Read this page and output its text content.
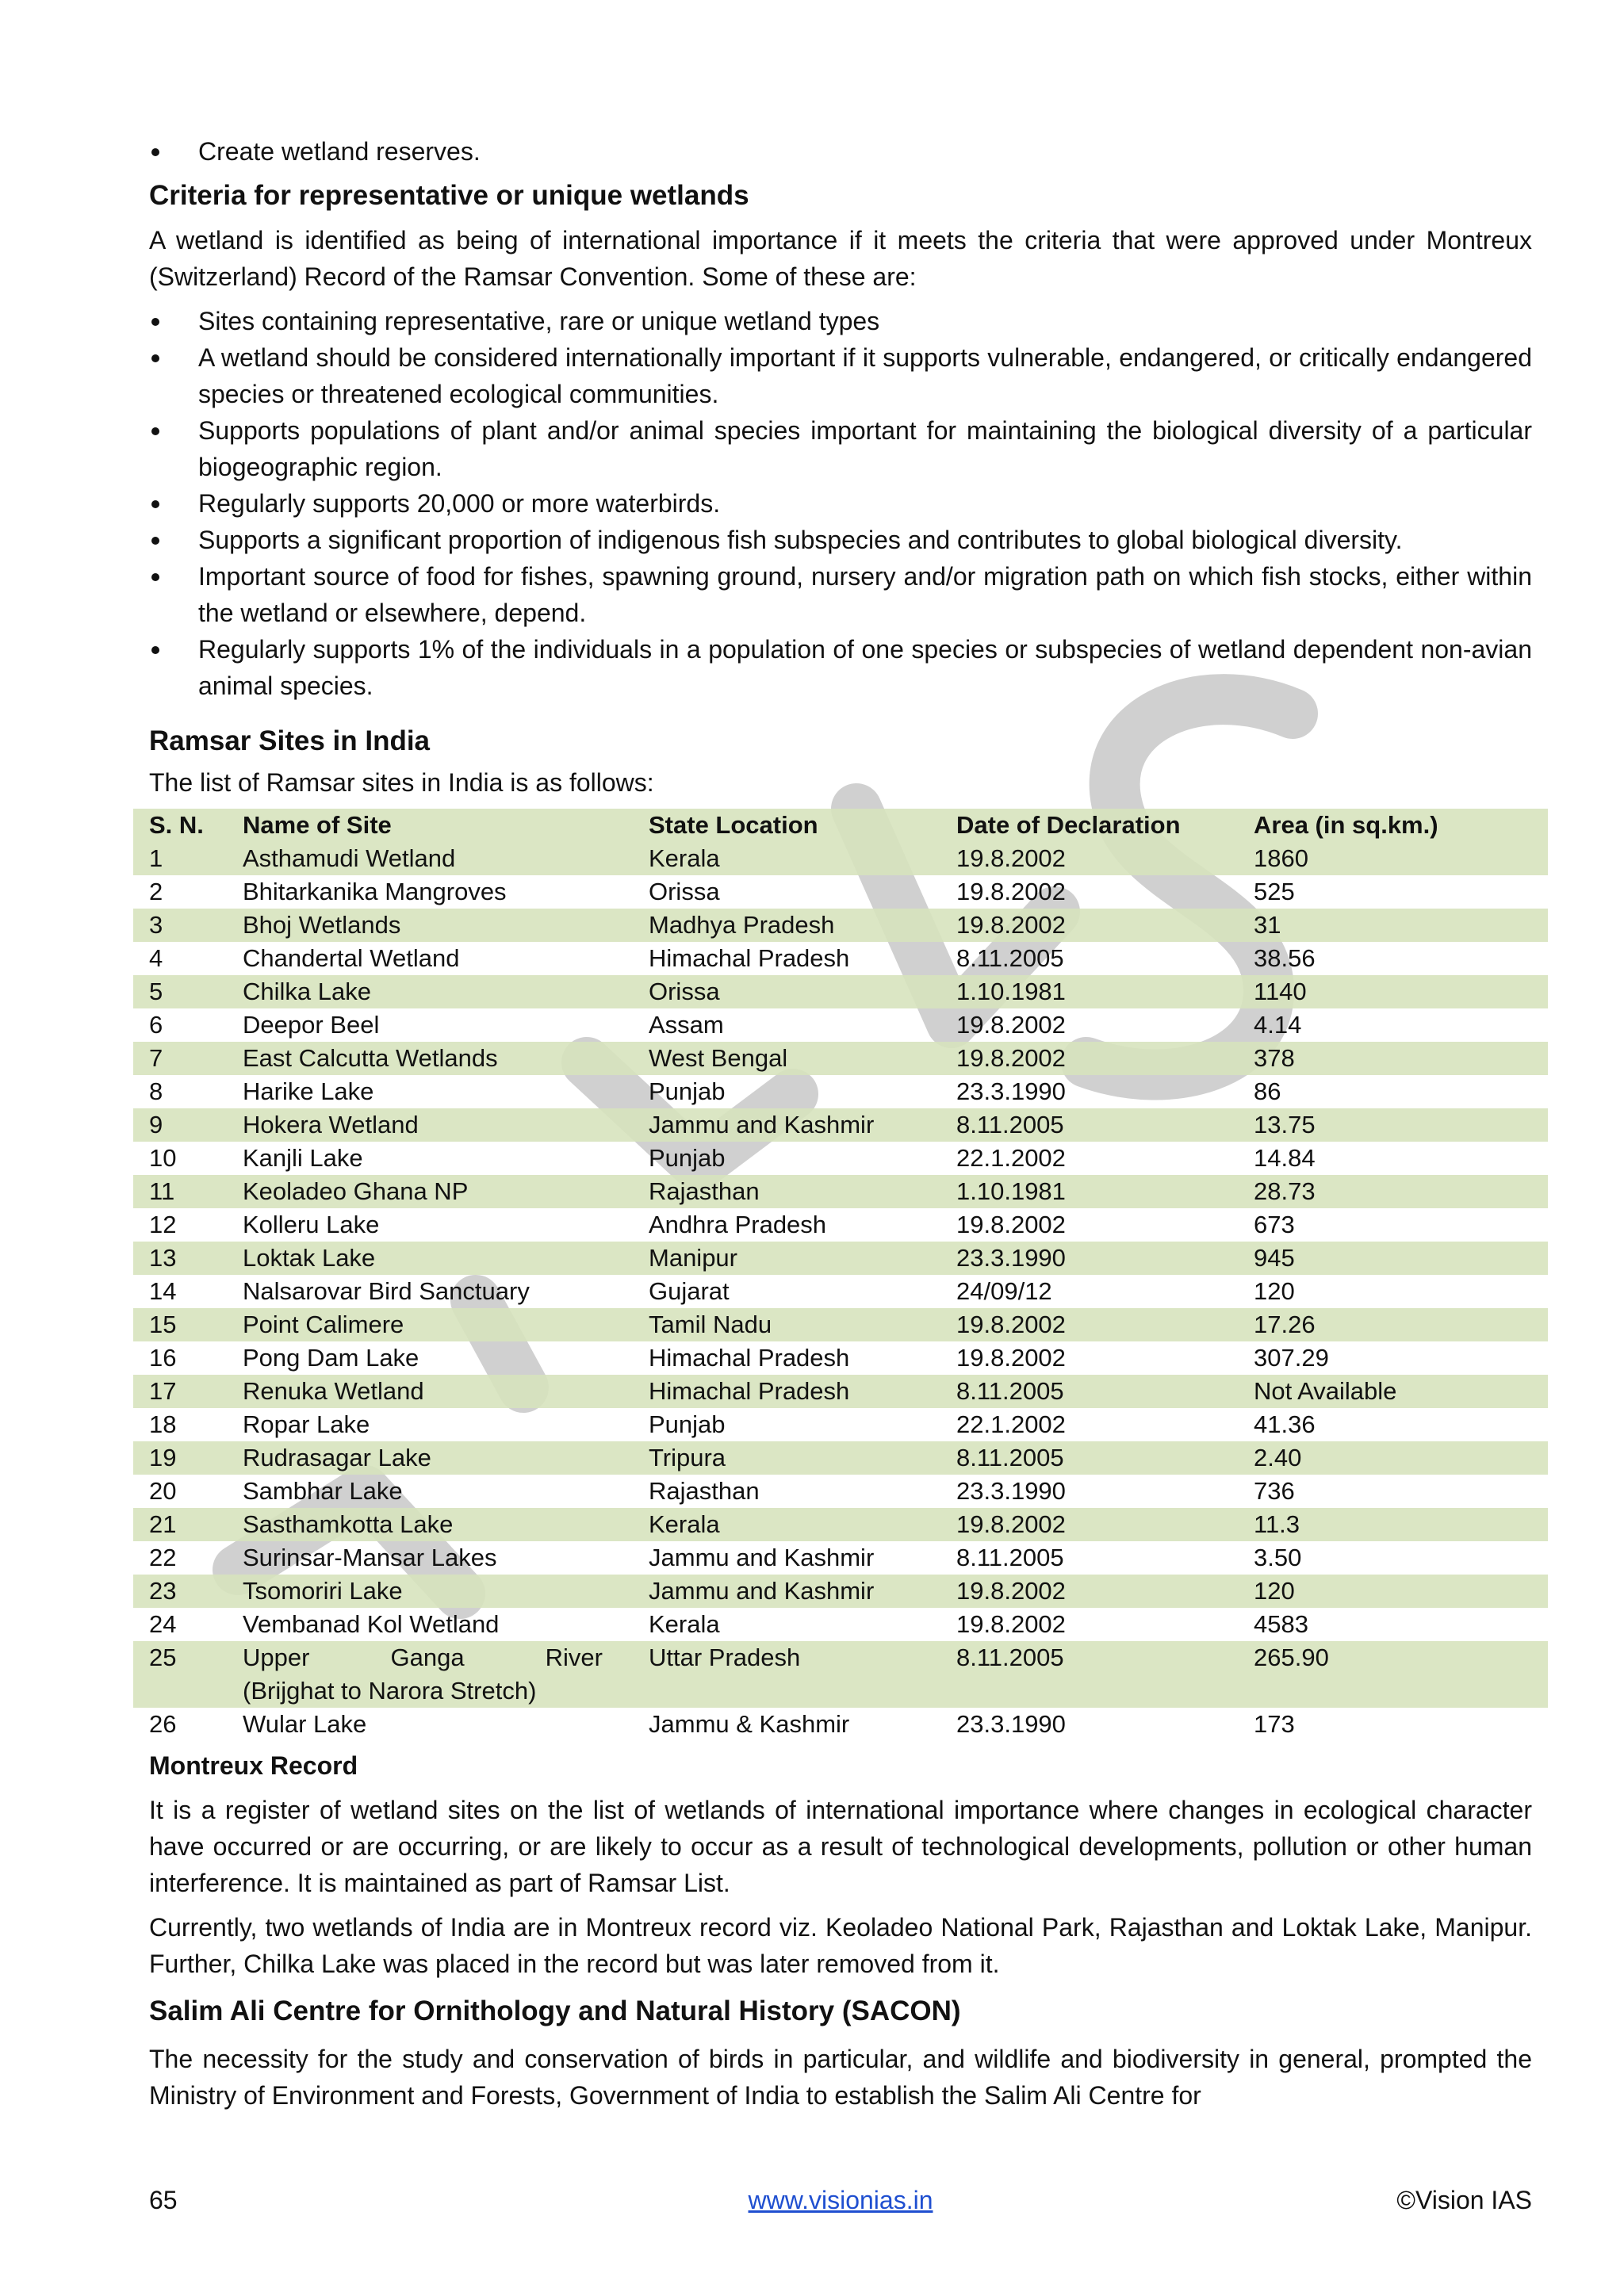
Create wetland reserves.
Criteria for representative or unique wetlands

A wetland is identified as being of international importance if it meets the criteria that were approved under Montreux (Switzerland) Record of the Ramsar Convention. Some of these are:

Sites containing representative, rare or unique wetland types
A wetland should be considered internationally important if it supports vulnerable, endangered, or critically endangered species or threatened ecological communities.
Supports populations of plant and/or animal species important for maintaining the biological diversity of a particular biogeographic region.
Regularly supports 20,000 or more waterbirds.
Supports a significant proportion of indigenous fish subspecies and contributes to global biological diversity.
Important source of food for fishes, spawning ground, nursery and/or migration path on which fish stocks, either within the wetland or elsewhere, depend.
Regularly supports 1% of the individuals in a population of one species or subspecies of wetland dependent non-avian animal species.
Ramsar Sites in India

The list of Ramsar sites in India is as follows:

S. N.	Name of Site	State Location	Date of Declaration	Area (in sq.km.)
1	Asthamudi Wetland	Kerala	19.8.2002	1860
2	Bhitarkanika Mangroves	Orissa	19.8.2002	525
3	Bhoj Wetlands	Madhya Pradesh	19.8.2002	31
4	Chandertal Wetland	Himachal Pradesh	8.11.2005	38.56
5	Chilka Lake	Orissa	1.10.1981	1140
6	Deepor Beel	Assam	19.8.2002	4.14
7	East Calcutta Wetlands	West Bengal	19.8.2002	378
8	Harike Lake	Punjab	23.3.1990	86
9	Hokera Wetland	Jammu and Kashmir	8.11.2005	13.75
10	Kanjli Lake	Punjab	22.1.2002	14.84
11	Keoladeo Ghana NP	Rajasthan	1.10.1981	28.73
12	Kolleru Lake	Andhra Pradesh	19.8.2002	673
13	Loktak Lake	Manipur	23.3.1990	945
14	Nalsarovar Bird Sanctuary	Gujarat	24/09/12	120
15	Point Calimere	Tamil Nadu	19.8.2002	17.26
16	Pong Dam Lake	Himachal Pradesh	19.8.2002	307.29
17	Renuka Wetland	Himachal Pradesh	8.11.2005	Not Available
18	Ropar Lake	Punjab	22.1.2002	41.36
19	Rudrasagar Lake	Tripura	8.11.2005	2.40
20	Sambhar Lake	Rajasthan	23.3.1990	736
21	Sasthamkotta Lake	Kerala	19.8.2002	11.3
22	Surinsar-Mansar Lakes	Jammu and Kashmir	8.11.2005	3.50
23	Tsomoriri Lake	Jammu and Kashmir	19.8.2002	120
24	Vembanad Kol Wetland	Kerala	19.8.2002	4583
25	Upper Ganga River
(Brijghat to Narora Stretch)	Uttar Pradesh	8.11.2005	265.90
26	Wular Lake	Jammu & Kashmir	23.3.1990	173
Montreux Record

It is a register of wetland sites on the list of wetlands of international importance where changes in ecological character have occurred or are occurring, or are likely to occur as a result of technological developments, pollution or other human interference. It is maintained as part of Ramsar List.

Currently, two wetlands of India are in Montreux record viz. Keoladeo National Park, Rajasthan and Loktak Lake, Manipur. Further, Chilka Lake was placed in the record but was later removed from it.

Salim Ali Centre for Ornithology and Natural History (SACON)

The necessity for the study and conservation of birds in particular, and wildlife and biodiversity in general, prompted the Ministry of Environment and Forests, Government of India to establish the Salim Ali Centre for

65	www.visionias.in	©Vision IAS
